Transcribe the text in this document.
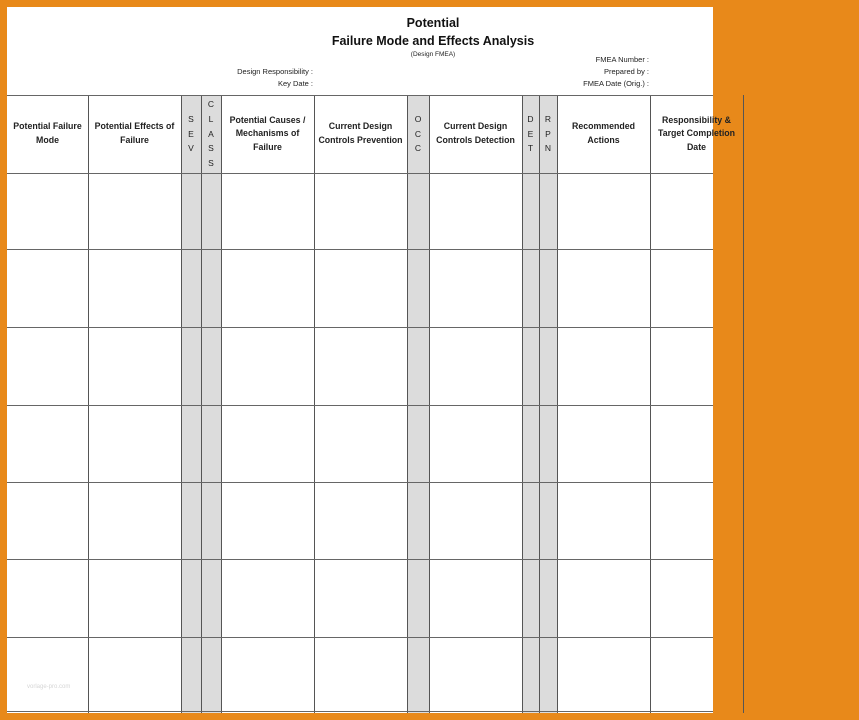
Potential
Failure Mode and Effects Analysis
(Design FMEA)
Design Responsibility :
Key Date :
FMEA Number :
Prepared by :
FMEA Date (Orig.) :
Potential Failure Mode
Potential Effects of Failure
S
E
V
C
L
A
S
S
Potential Causes / Mechanisms of Failure
Current Design Controls Prevention
O
C
C
Current Design Controls Detection
D
E
T
R
P
N
Recommended Actions
Responsibility & Target Completion Date
vorlage-pro.com
